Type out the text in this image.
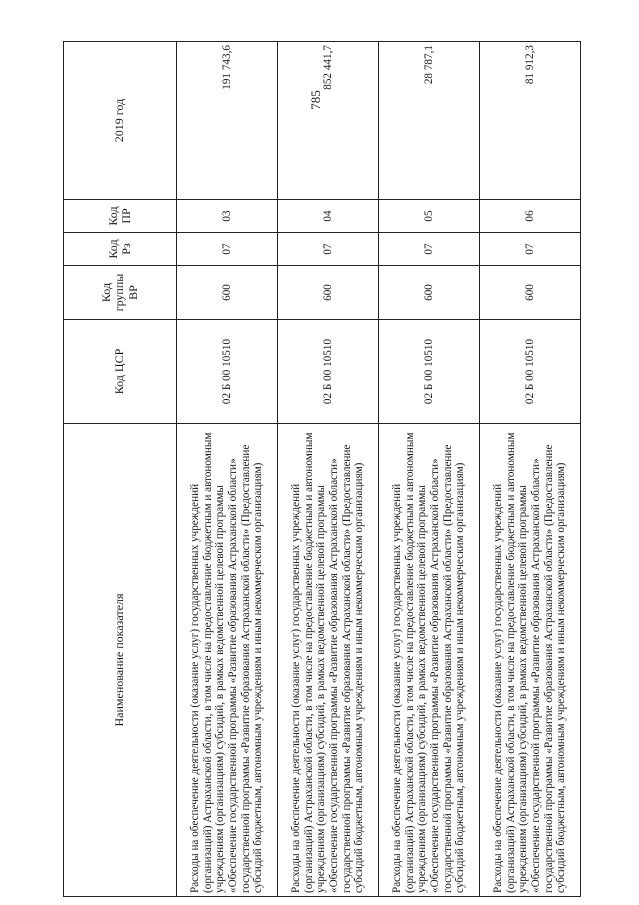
785
Наименование показателя	Код ЦСР	Код группы ВР	Код Рз	Код ПР	2019 год
Расходы на обеспечение деятельности (оказание услуг) государственных учреждений (организаций) Астраханской области, в том числе на предоставление бюджетным и автономным учреждениям (организациям) субсидий, в рамках ведомственной целевой программы «Обеспечение государственной программы «Развитие образования Астраханской области» государственной программы «Развитие образования Астраханской области» (Предоставление субсидий бюджетным, автономным учреждениям и иным некоммерческим организациям)	02 Б 00 10510	600	07	03	191 743,6
Расходы на обеспечение деятельности (оказание услуг) государственных учреждений (организаций) Астраханской области, в том числе на предоставление бюджетным и автономным учреждениям (организациям) субсидий, в рамках ведомственной целевой программы «Обеспечение государственной программы «Развитие образования Астраханской области» государственной программы «Развитие образования Астраханской области» (Предоставление субсидий бюджетным, автономным учреждениям и иным некоммерческим организациям)	02 Б 00 10510	600	07	04	852 441,7
Расходы на обеспечение деятельности (оказание услуг) государственных учреждений (организаций) Астраханской области, в том числе на предоставление бюджетным и автономным учреждениям (организациям) субсидий, в рамках ведомственной целевой программы «Обеспечение государственной программы «Развитие образования Астраханской области» государственной программы «Развитие образования Астраханской области» (Предоставление субсидий бюджетным, автономным учреждениям и иным некоммерческим организациям)	02 Б 00 10510	600	07	05	28 787,1
Расходы на обеспечение деятельности (оказание услуг) государственных учреждений (организаций) Астраханской области, в том числе на предоставление бюджетным и автономным учреждениям (организациям) субсидий, в рамках ведомственной целевой программы «Обеспечение государственной программы «Развитие образования Астраханской области» государственной программы «Развитие образования Астраханской области» (Предоставление субсидий бюджетным, автономным учреждениям и иным некоммерческим организациям)	02 Б 00 10510	600	07	06	81 912,3
